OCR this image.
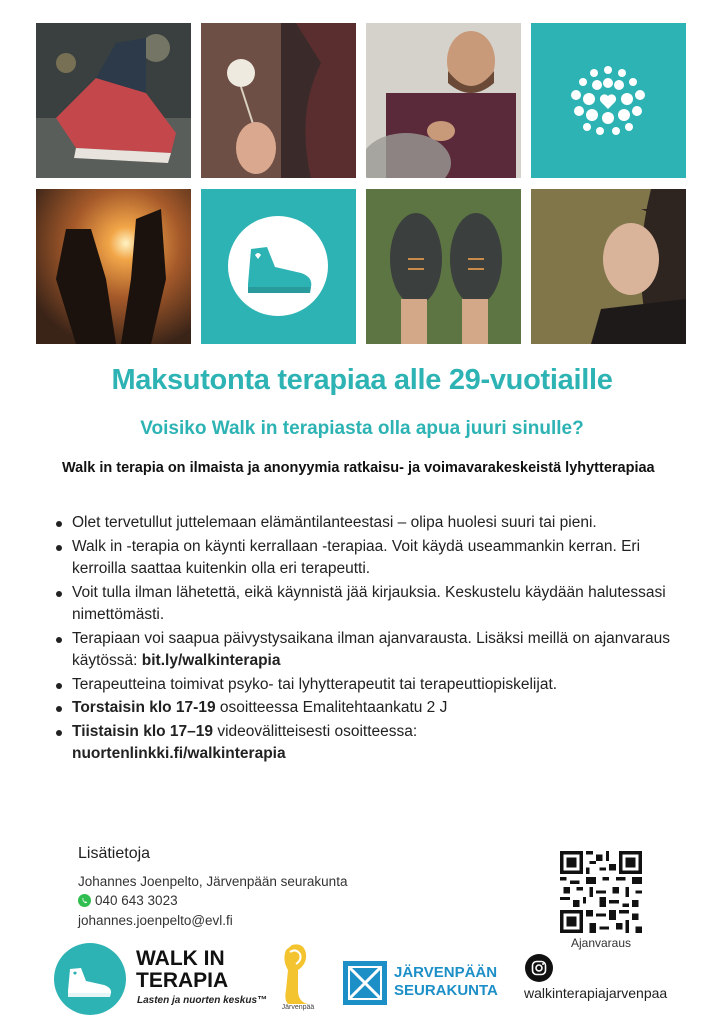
Maksutonta terapiaa alle 29-vuotiaille
Voisiko Walk in terapiasta olla apua juuri sinulle?
Walk in terapia on ilmaista ja anonyymia ratkaisu- ja voimavarakeskeistä lyhytterapiaa
Olet tervetullut juttelemaan elämäntilanteestasi – olipa huolesi suuri tai pieni.
Walk in -terapia on käynti kerrallaan -terapiaa. Voit käydä useammankin kerran. Eri kerroilla saattaa kuitenkin olla eri terapeutti.
Voit tulla ilman lähetettä, eikä käynnistä jää kirjauksia. Keskustelu käydään halutessasi nimettömästi.
Terapiaan voi saapua päivystysaikana ilman ajanvarausta. Lisäksi meillä on ajanvaraus käytössä: bit.ly/walkinterapia
Terapeutteina toimivat psyko- tai lyhytterapeutit tai terapeuttiopiskelijat.
Torstaisin klo 17-19 osoitteessa Emalitehtaankatu 2 J
Tiistaisin klo 17–19 videovälitteisesti osoitteessa:
nuortenlinkki.fi/walkinterapia
Lisätietoja
Johannes Joenpelto, Järvenpään seurakunta
040 643 3023
johannes.joenpelto@evl.fi
Ajanvaraus
WALK IN
TERAPIA
Lasten ja nuorten keskus™
Järvenpää
JÄRVENPÄÄN
SEURAKUNTA walkinterapiajarvenpaa
